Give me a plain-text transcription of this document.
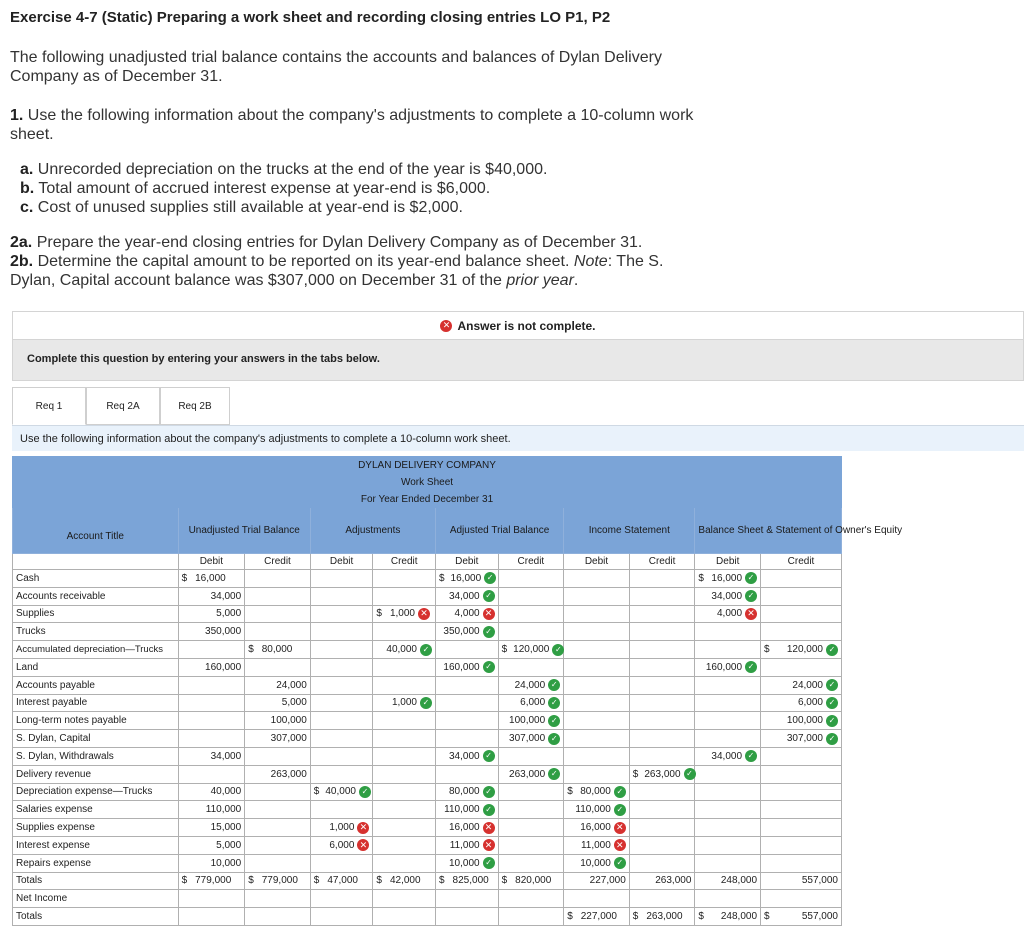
Exercise 4-7 (Static) Preparing a work sheet and recording closing entries LO P1, P2

The following unadjusted trial balance contains the accounts and balances of Dylan Delivery Company as of December 31.

1. Use the following information about the company's adjustments to complete a 10-column work sheet.

a. Unrecorded depreciation on the trucks at the end of the year is $40,000.

b. Total amount of accrued interest expense at year-end is $6,000.

c. Cost of unused supplies still available at year-end is $2,000.

2a. Prepare the year-end closing entries for Dylan Delivery Company as of December 31.

2b. Determine the capital amount to be reported on its year-end balance sheet. Note: The S. Dylan, Capital account balance was $307,000 on December 31 of the prior year.

✕ Answer is not complete.
Complete this question by entering your answers in the tabs below.
Req 1	Req 2A	Req 2B
Use the following information about the company's adjustments to complete a 10-column work sheet.
DYLAN DELIVERY COMPANY										
Work Sheet										
For Year Ended December 31										
Account Title	Unadjusted Trial Balance		Adjustments		Adjusted Trial Balance		Income Statement		Balance Sheet & Statement of Owner's Equity	
	Debit	Credit	Debit	Credit	Debit	Credit	Debit	Credit	Debit	Credit
Cash	$ 16,000				$ 16,000 ✓				$ 16,000 ✓	

Accounts receivable	34,000				34,000 ✓				34,000 ✓	

Supplies	5,000			$ 1,000 ✕	4,000 ✕				4,000 ✕	

Trucks	350,000				350,000 ✓					

Accumulated depreciation—Trucks		$ 80,000		40,000 ✓		$ 120,000 ✓				$ 120,000 ✓

Land	160,000				160,000 ✓				160,000 ✓	

Accounts payable		24,000				24,000 ✓				24,000 ✓

Interest payable		5,000		1,000 ✓		6,000 ✓				6,000 ✓

Long-term notes payable		100,000				100,000 ✓				100,000 ✓

S. Dylan, Capital		307,000				307,000 ✓				307,000 ✓

S. Dylan, Withdrawals	34,000				34,000 ✓				34,000 ✓	

Delivery revenue		263,000				263,000 ✓		$ 263,000 ✓		

Depreciation expense—Trucks	40,000		$ 40,000 ✓		80,000 ✓		$ 80,000 ✓			

Salaries expense	110,000				110,000 ✓		110,000 ✓			

Supplies expense	15,000		1,000 ✕		16,000 ✕		16,000 ✕			

Interest expense	5,000		6,000 ✕		11,000 ✕		11,000 ✕			

Repairs expense	10,000				10,000 ✓		10,000 ✓			

Totals	$ 779,000	$ 779,000	$ 47,000	$ 42,000	$ 825,000	$ 820,000	227,000	263,000	248,000	557,000

Net Income										
Totals							$ 227,000	$ 263,000	$ 248,000	$ 557,000
